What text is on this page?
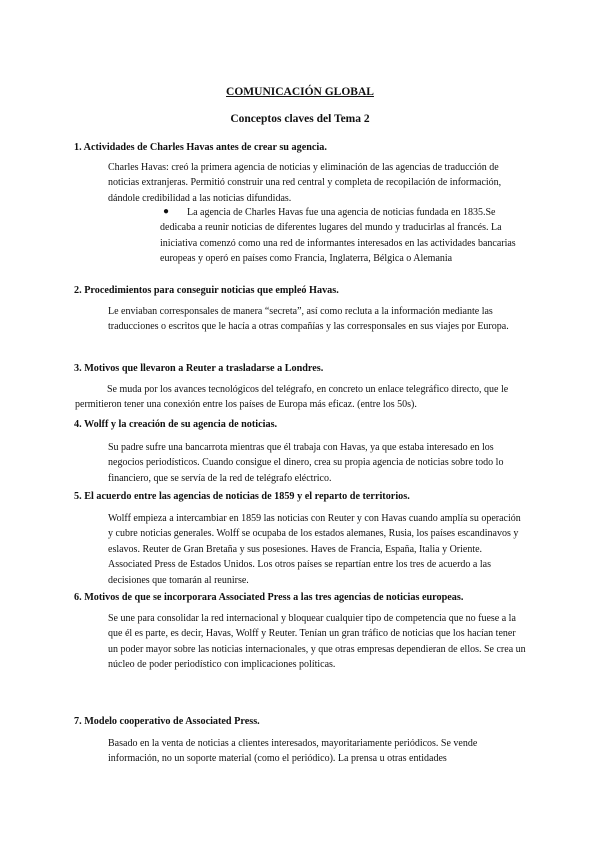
COMUNICACIÓN GLOBAL
Conceptos claves del Tema 2
1. Actividades de Charles Havas antes de crear su agencia.
Charles Havas: creó la primera agencia de noticias y eliminación de las agencias de traducción de noticias extranjeras. Permitió construir una red central y completa de recopilación de información, dándole credibilidad a las noticias difundidas.
●	La agencia de Charles Havas fue una agencia de noticias fundada en 1835.Se dedicaba a reunir noticias de diferentes lugares del mundo y traducirlas al francés. La iniciativa comenzó como una red de informantes interesados en las actividades bancarias europeas y operó en países como Francia, Inglaterra, Bélgica o Alemania
2. Procedimientos para conseguir noticias que empleó Havas.
Le enviaban corresponsales de manera “secreta”, así como recluta a la información mediante las traducciones o escritos que le hacía a otras compañías y las corresponsales en sus viajes por Europa.
3. Motivos que llevaron a Reuter a trasladarse a Londres.
Se muda por los avances tecnológicos del telégrafo, en concreto un enlace telegráfico directo, que le permitieron tener una conexión entre los países de Europa más eficaz. (entre los 50s).
4. Wolff y la creación de su agencia de noticias.
Su padre sufre una bancarrota mientras que él trabaja con Havas, ya que estaba interesado en los negocios periodísticos. Cuando consigue el dinero, crea su propia agencia de noticias sobre todo lo financiero, que se servía de la red de telégrafo eléctrico.
5. El acuerdo entre las agencias de noticias de 1859 y el reparto de territorios.
Wolff empieza a intercambiar en 1859 las noticias con Reuter y con Havas cuando amplía su operación y cubre noticias generales. Wolff se ocupaba de los estados alemanes, Rusia, los países escandinavos y eslavos. Reuter de Gran Bretaña y sus posesiones. Haves de Francia, España, Italia y Oriente. Associated Press de Estados Unidos. Los otros países se repartían entre los tres de acuerdo a las decisiones que tomarán al reunirse.
6. Motivos de que se incorporara Associated Press a las tres agencias de noticias europeas.
Se une para consolidar la red internacional y bloquear cualquier tipo de competencia que no fuese a la que él es parte, es decir, Havas, Wolff y Reuter. Tenían un gran tráfico de noticias que los hacían tener un poder mayor sobre las noticias internacionales, y que otras empresas dependieran de ellos. Se crea un núcleo de poder periodístico con implicaciones políticas.
7. Modelo cooperativo de Associated Press.
Basado en la venta de noticias a clientes interesados, mayoritariamente periódicos. Se vende información, no un soporte material (como el periódico). La prensa u otras entidades
